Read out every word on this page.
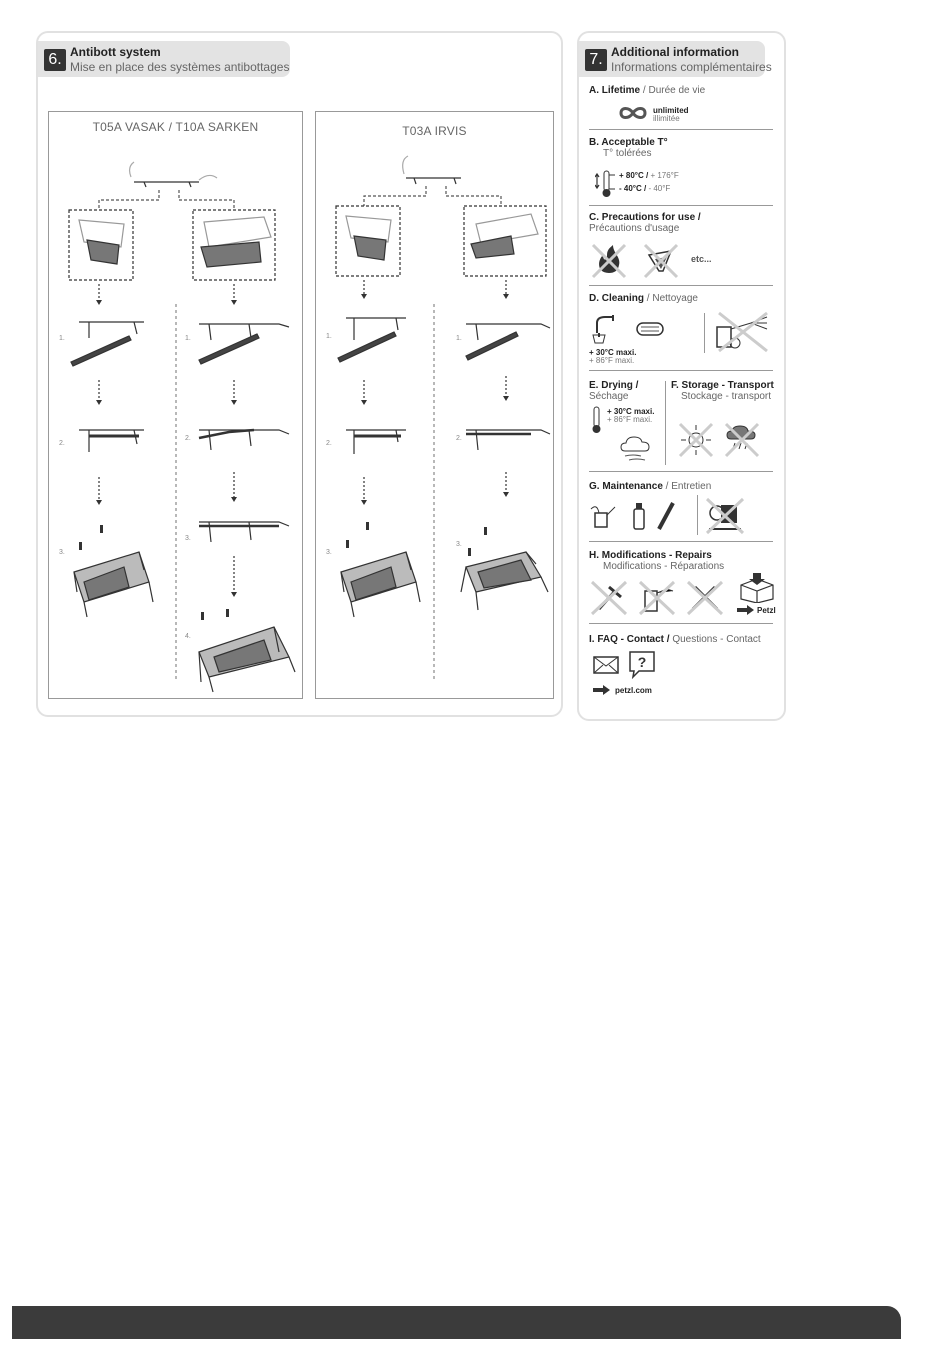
6. Antibott system
Mise en place des systèmes antibottages
T05A VASAK / T10A SARKEN
1.	1.
2.
2.
3.
3.
4.
T03A IRVIS
1.	1.
2.
2.
3.
3.
7. Additional information
Informations complémentaires
A. Lifetime / Durée de vie
unlimited
illimitée
B. Acceptable T°
T° tolérées
+ 80°C / + 176°F
- 40°C / - 40°F
C. Precautions for use /
Précautions d'usage
etc...
D. Cleaning / Nettoyage
+ 30°C maxi.
+ 86°F maxi.
E. Drying /
Séchage
F. Storage - Transport
Stockage - transport
+ 30°C maxi.
+ 86°F maxi.
G. Maintenance / Entretien
H. Modifications - Repairs
Modifications - Réparations
Petzl
I. FAQ - Contact / Questions - Contact
?
petzl.com
